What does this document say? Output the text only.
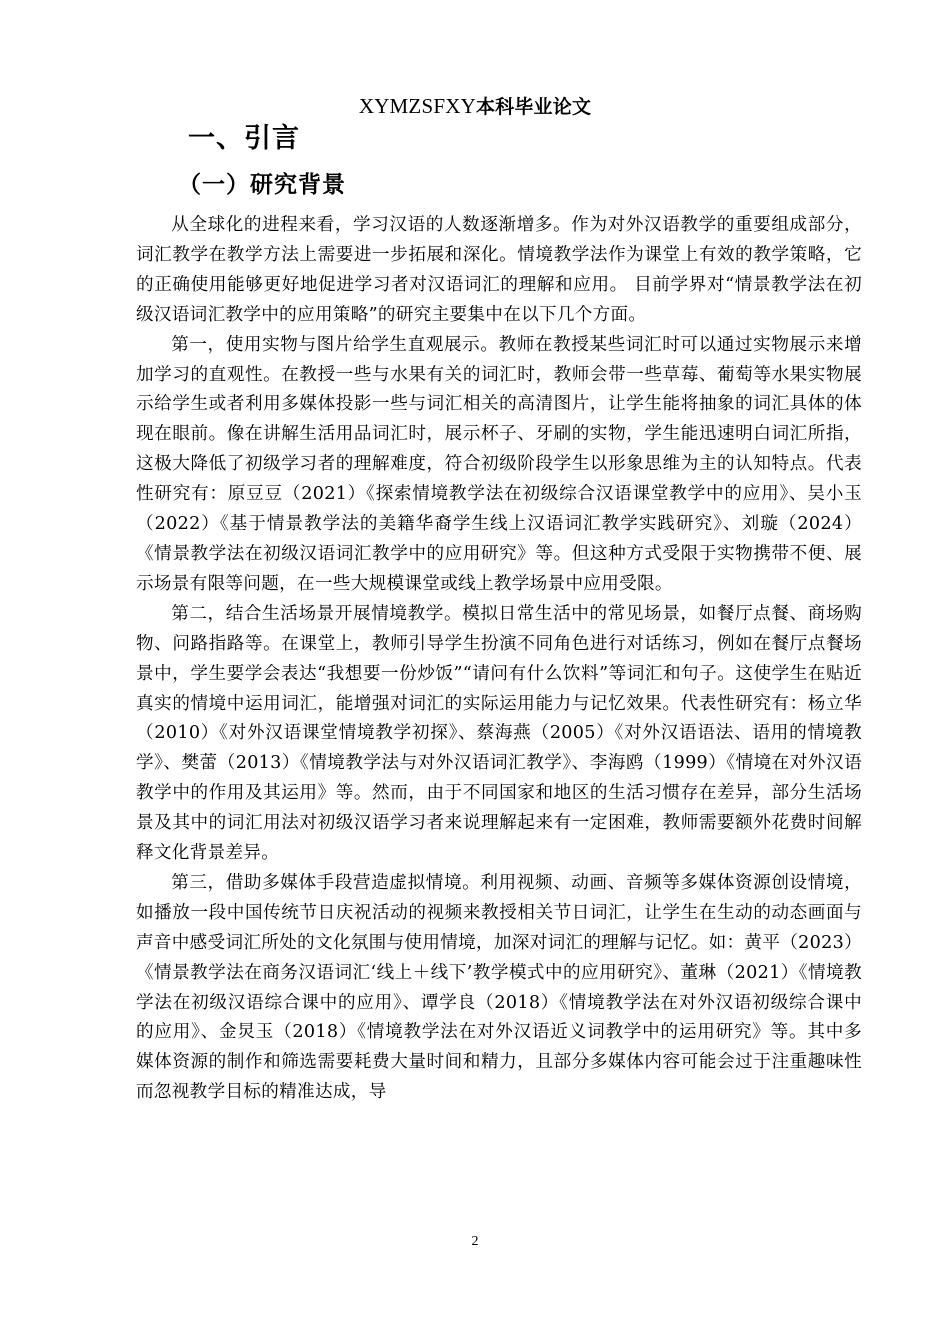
XYMZSFXY本科毕业论文
一、引言
（一）研究背景

从全球化的进程来看，学习汉语的人数逐渐增多。作为对外汉语教学的重要组成部分，词汇教学在教学方法上需要进一步拓展和深化。情境教学法作为课堂上有效的教学策略，它的正确使用能够更好地促进学习者对汉语词汇的理解和应用。 目前学界对“情景教学法在初级汉语词汇教学中的应用策略”的研究主要集中在以下几个方面。

第一，使用实物与图片给学生直观展示。教师在教授某些词汇时可以通过实物展示来增加学习的直观性。在教授一些与水果有关的词汇时，教师会带一些草莓、葡萄等水果实物展示给学生或者利用多媒体投影一些与词汇相关的高清图片，让学生能将抽象的词汇具体的体现在眼前。像在讲解生活用品词汇时，展示杯子、牙刷的实物，学生能迅速明白词汇所指，这极大降低了初级学习者的理解难度，符合初级阶段学生以形象思维为主的认知特点。代表性研究有：原豆豆（2021）《探索情境教学法在初级综合汉语课堂教学中的应用》、吴小玉（2022）《基于情景教学法的美籍华裔学生线上汉语词汇教学实践研究》、刘璇（2024）《情景教学法在初级汉语词汇教学中的应用研究》等。但这种方式受限于实物携带不便、展示场景有限等问题，在一些大规模课堂或线上教学场景中应用受限。

第二，结合生活场景开展情境教学。模拟日常生活中的常见场景，如餐厅点餐、商场购物、问路指路等。在课堂上，教师引导学生扮演不同角色进行对话练习，例如在餐厅点餐场景中，学生要学会表达“我想要一份炒饭”“请问有什么饮料”等词汇和句子。这使学生在贴近真实的情境中运用词汇，能增强对词汇的实际运用能力与记忆效果。代表性研究有：杨立华（2010）《对外汉语课堂情境教学初探》、蔡海燕（2005）《对外汉语语法、语用的情境教学》、樊蕾（2013）《情境教学法与对外汉语词汇教学》、李海鸥（1999）《情境在对外汉语教学中的作用及其运用》等。然而，由于不同国家和地区的生活习惯存在差异，部分生活场景及其中的词汇用法对初级汉语学习者来说理解起来有一定困难，教师需要额外花费时间解释文化背景差异。

第三，借助多媒体手段营造虚拟情境。利用视频、动画、音频等多媒体资源创设情境，如播放一段中国传统节日庆祝活动的视频来教授相关节日词汇，让学生在生动的动态画面与声音中感受词汇所处的文化氛围与使用情境，加深对词汇的理解与记忆。如：黄平（2023）《情景教学法在商务汉语词汇‘线上＋线下’教学模式中的应用研究》、董琳（2021）《情境教学法在初级汉语综合课中的应用》、谭学良（2018）《情境教学法在对外汉语初级综合课中的应用》、金炅玉（2018）《情境教学法在对外汉语近义词教学中的运用研究》等。其中多媒体资源的制作和筛选需要耗费大量时间和精力，且部分多媒体内容可能会过于注重趣味性而忽视教学目标的精准达成，导

2
